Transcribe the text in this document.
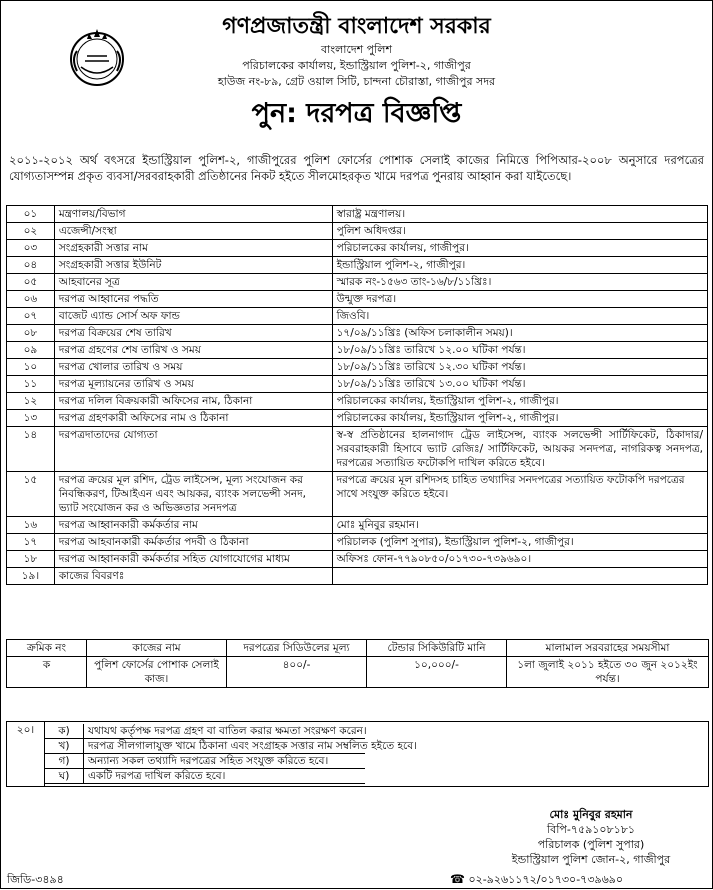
গণপ্রজাতন্ত্রী বাংলাদেশ সরকার
বাংলাদেশ পুলিশ
পরিচালকের কার্যালয়, ইন্ডাস্ট্রিয়াল পুলিশ-২, গাজীপুর
হাউজ নং-৮৯, গ্রেট ওয়াল সিটি, চান্দনা চৌরাস্তা, গাজীপুর সদর
পুন: দরপত্র বিজ্ঞপ্তি
২০১১-২০১২ অর্থ বৎসরে ইন্ডাস্ট্রিয়াল পুলিশ-২, গাজীপুরের পুলিশ ফোর্সের পোশাক সেলাই কাজের নিমিত্তে পিপিআর-২০০৮ অনুসারে দরপত্রের যোগ্যতাসম্পন্ন প্রকৃত ব্যবসা/সরবরাহকারী প্রতিষ্ঠানের নিকট হইতে সীলমোহরকৃত খামে দরপত্র পুনরায় আহ্বান করা যাইতেছে।
০১	মন্ত্রণালয়/বিভাগ	স্বারাষ্ট্র মন্ত্রণালয়।
০২	এজেন্সী/সংস্থা	পুলিশ অধিদপ্তর।
০৩	সংগ্রহকারী সত্তার নাম	পরিচালকের কার্যালয়, গাজীপুর।
০৪	সংগ্রহকারী সত্তার ইউনিট	ইন্ডাস্ট্রিয়াল পুলিশ-২, গাজীপুর।
০৫	আহবানের সূত্র	স্মারক নং-১৫৬৩ তাং-১৬/৮/১১খ্রিঃ।
০৬	দরপত্র আহ্বানের পদ্ধতি	উন্মুক্ত দরপত্র।
০৭	বাজেট এ্যান্ড সোর্স অফ ফান্ড	জিওবি।
০৮	দরপত্র বিক্রয়ের শেষ তারিখ	১৭/০৯/১১খ্রিঃ (অফিস চলাকালীন সময়)।
০৯	দরপত্র গ্রহণের শেষ তারিখ ও সময়	১৮/০৯/১১খ্রিঃ তারিখে ১২.০০ ঘটিকা পর্যন্ত।
১০	দরপত্র খোলার তারিখ ও সময়	১৮/০৯/১১খ্রিঃ তারিখে ১২.৩০ ঘটিকা পর্যন্ত।
১১	দরপত্র মূল্যায়নের তারিখ ও সময়	১৮/০৯/১১খ্রিঃ তারিখে ১৩.০০ ঘটিকা পর্যন্ত।
১২	দরপত্র দলিল বিক্রয়কারী অফিসের নাম, ঠিকানা	পরিচালকের কার্যালয়, ইন্ডাস্ট্রিয়াল পুলিশ-২, গাজীপুর।
১৩	দরপত্র গ্রহণকারী অফিসের নাম ও ঠিকানা	পরিচালকের কার্যালয়, ইন্ডাস্ট্রিয়াল পুলিশ-২, গাজীপুর।
১৪	দরপত্রদাতাদের যোগ্যতা	স্ব-স্ব প্রতিষ্ঠানের হালনাগাদ ট্রেড লাইসেন্স, ব্যাংক সলভেন্সী সার্টিফিকেট, ঠিকাদার/সরবরাহকারী হিসাবে ভ্যাট রেজিঃ/ সার্টিফিকেট, আয়কর সনদপত্র, নাগরিকত্ব সনদপত্র, দরপত্রের সত্যায়িত ফটোকপি দাখিল করিতে হইবে।
১৫	দরপত্র ক্রয়ের মূল রশিদ, ট্রেড লাইসেন্স, মূল্য সংযোজন কর নিবন্ধিকরণ, টিআইএন এবং আয়কর, ব্যাংক সলভেন্সী সনদ, ভ্যাট সংযোজন কর ও অভিজ্ঞতার সনদপত্র	দরপত্রে ক্রয়ের মূল রশিদসহ চাহিত তথ্যাদির সনদপত্রের সত্যায়িত ফটোকপি দরপত্রের সাথে সংযুক্ত করিতে হইবে।
১৬	দরপত্র আহ্বানকারী কর্মকর্তার নাম	মোঃ মুনিবুর রহমান।
১৭	দরপত্র আহবানকারী কর্মকর্তার পদবী ও ঠিকানা	পরিচালক (পুলিশ সুপার), ইন্ডাস্ট্রিয়াল পুলিশ-২, গাজীপুর।
১৮	দরপত্র আহ্বানকারী কর্মকর্তার সহিত যোগাযোগের মাধ্যম	অফিসঃ ফোন-৭৭৯০৮৫০/০১৭৩০-৭৩৯৬৯০।
১৯।	কাজের বিবরণঃ	
ক্রমিক নং	কাজের নাম	দরপত্রের সিডিউলের মূল্য	টেন্ডার সিকিউরিটি মানি	মালামাল সরবরাহের সময়সীমা
ক	পুলিশ ফোর্সের পোশাক সেলাই কাজ।	৪০০/-	১০,০০০/-	১লা জুলাই ২০১১ হইতে ৩০ জুন ২০১২ইং পর্যন্ত।
২০।	ক)	যথাযথ কর্তৃপক্ষ দরপত্র গ্রহণ বা বাতিল করার ক্ষমতা সংরক্ষণ করেন।
খ)	দরপত্র সীলগালাযুক্ত খামে ঠিকানা এবং সংগ্রাহক সত্তার নাম সম্বলিত হইতে হবে।
গ)	অন্যান্য সকল তথ্যাদি দরপত্রের সহিত সংযুক্ত করিতে হবে।
ঘ)	একটি দরপত্র দাখিল করিতে হবে।
মোঃ মুনিবুর রহমান
বিপি-৭৫৯১০৮১৮১
পরিচালক (পুলিশ সুপার)
ইন্ডাস্ট্রিয়াল পুলিশ জোন-২, গাজীপুর
জিডি-৩৪৯৪	☎ ০২-৯২৬১১৭২/০১৭৩০-৭৩৯৬৯০
